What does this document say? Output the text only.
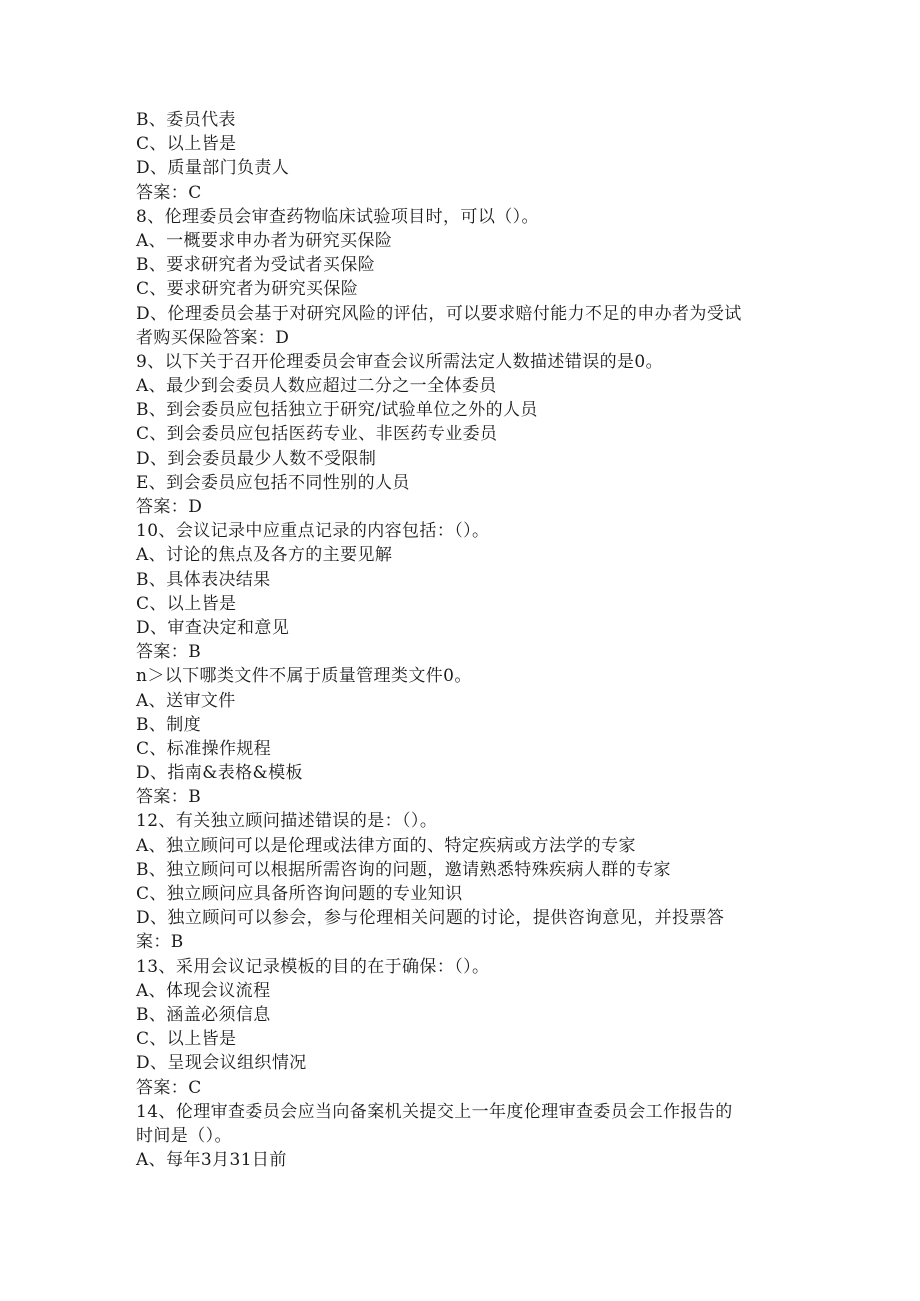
B、委员代表
C、以上皆是
D、质量部门负责人
答案：C
8、伦理委员会审查药物临床试验项目时，可以（）。
A、一概要求申办者为研究买保险
B、要求研究者为受试者买保险
C、要求研究者为研究买保险
D、伦理委员会基于对研究风险的评估，可以要求赔付能力不足的申办者为受试
者购买保险答案：D
9、以下关于召开伦理委员会审查会议所需法定人数描述错误的是0。
A、最少到会委员人数应超过二分之一全体委员
B、到会委员应包括独立于研究/试验单位之外的人员
C、到会委员应包括医药专业、非医药专业委员
D、到会委员最少人数不受限制
E、到会委员应包括不同性别的人员
答案：D
10、会议记录中应重点记录的内容包括：（）。
A、讨论的焦点及各方的主要见解
B、具体表决结果
C、以上皆是
D、审查决定和意见
答案：B
n＞以下哪类文件不属于质量管理类文件0。
A、送审文件
B、制度
C、标准操作规程
D、指南&表格&模板
答案：B
12、有关独立顾问描述错误的是：（）。
A、独立顾问可以是伦理或法律方面的、特定疾病或方法学的专家
B、独立顾问可以根据所需咨询的问题，邀请熟悉特殊疾病人群的专家
C、独立顾问应具备所咨询问题的专业知识
D、独立顾问可以参会，参与伦理相关问题的讨论，提供咨询意见，并投票答
案：B
13、采用会议记录模板的目的在于确保：（）。
A、体现会议流程
B、涵盖必须信息
C、以上皆是
D、呈现会议组织情况
答案：C
14、伦理审查委员会应当向备案机关提交上一年度伦理审查委员会工作报告的
时间是（）。
A、每年3月31日前
